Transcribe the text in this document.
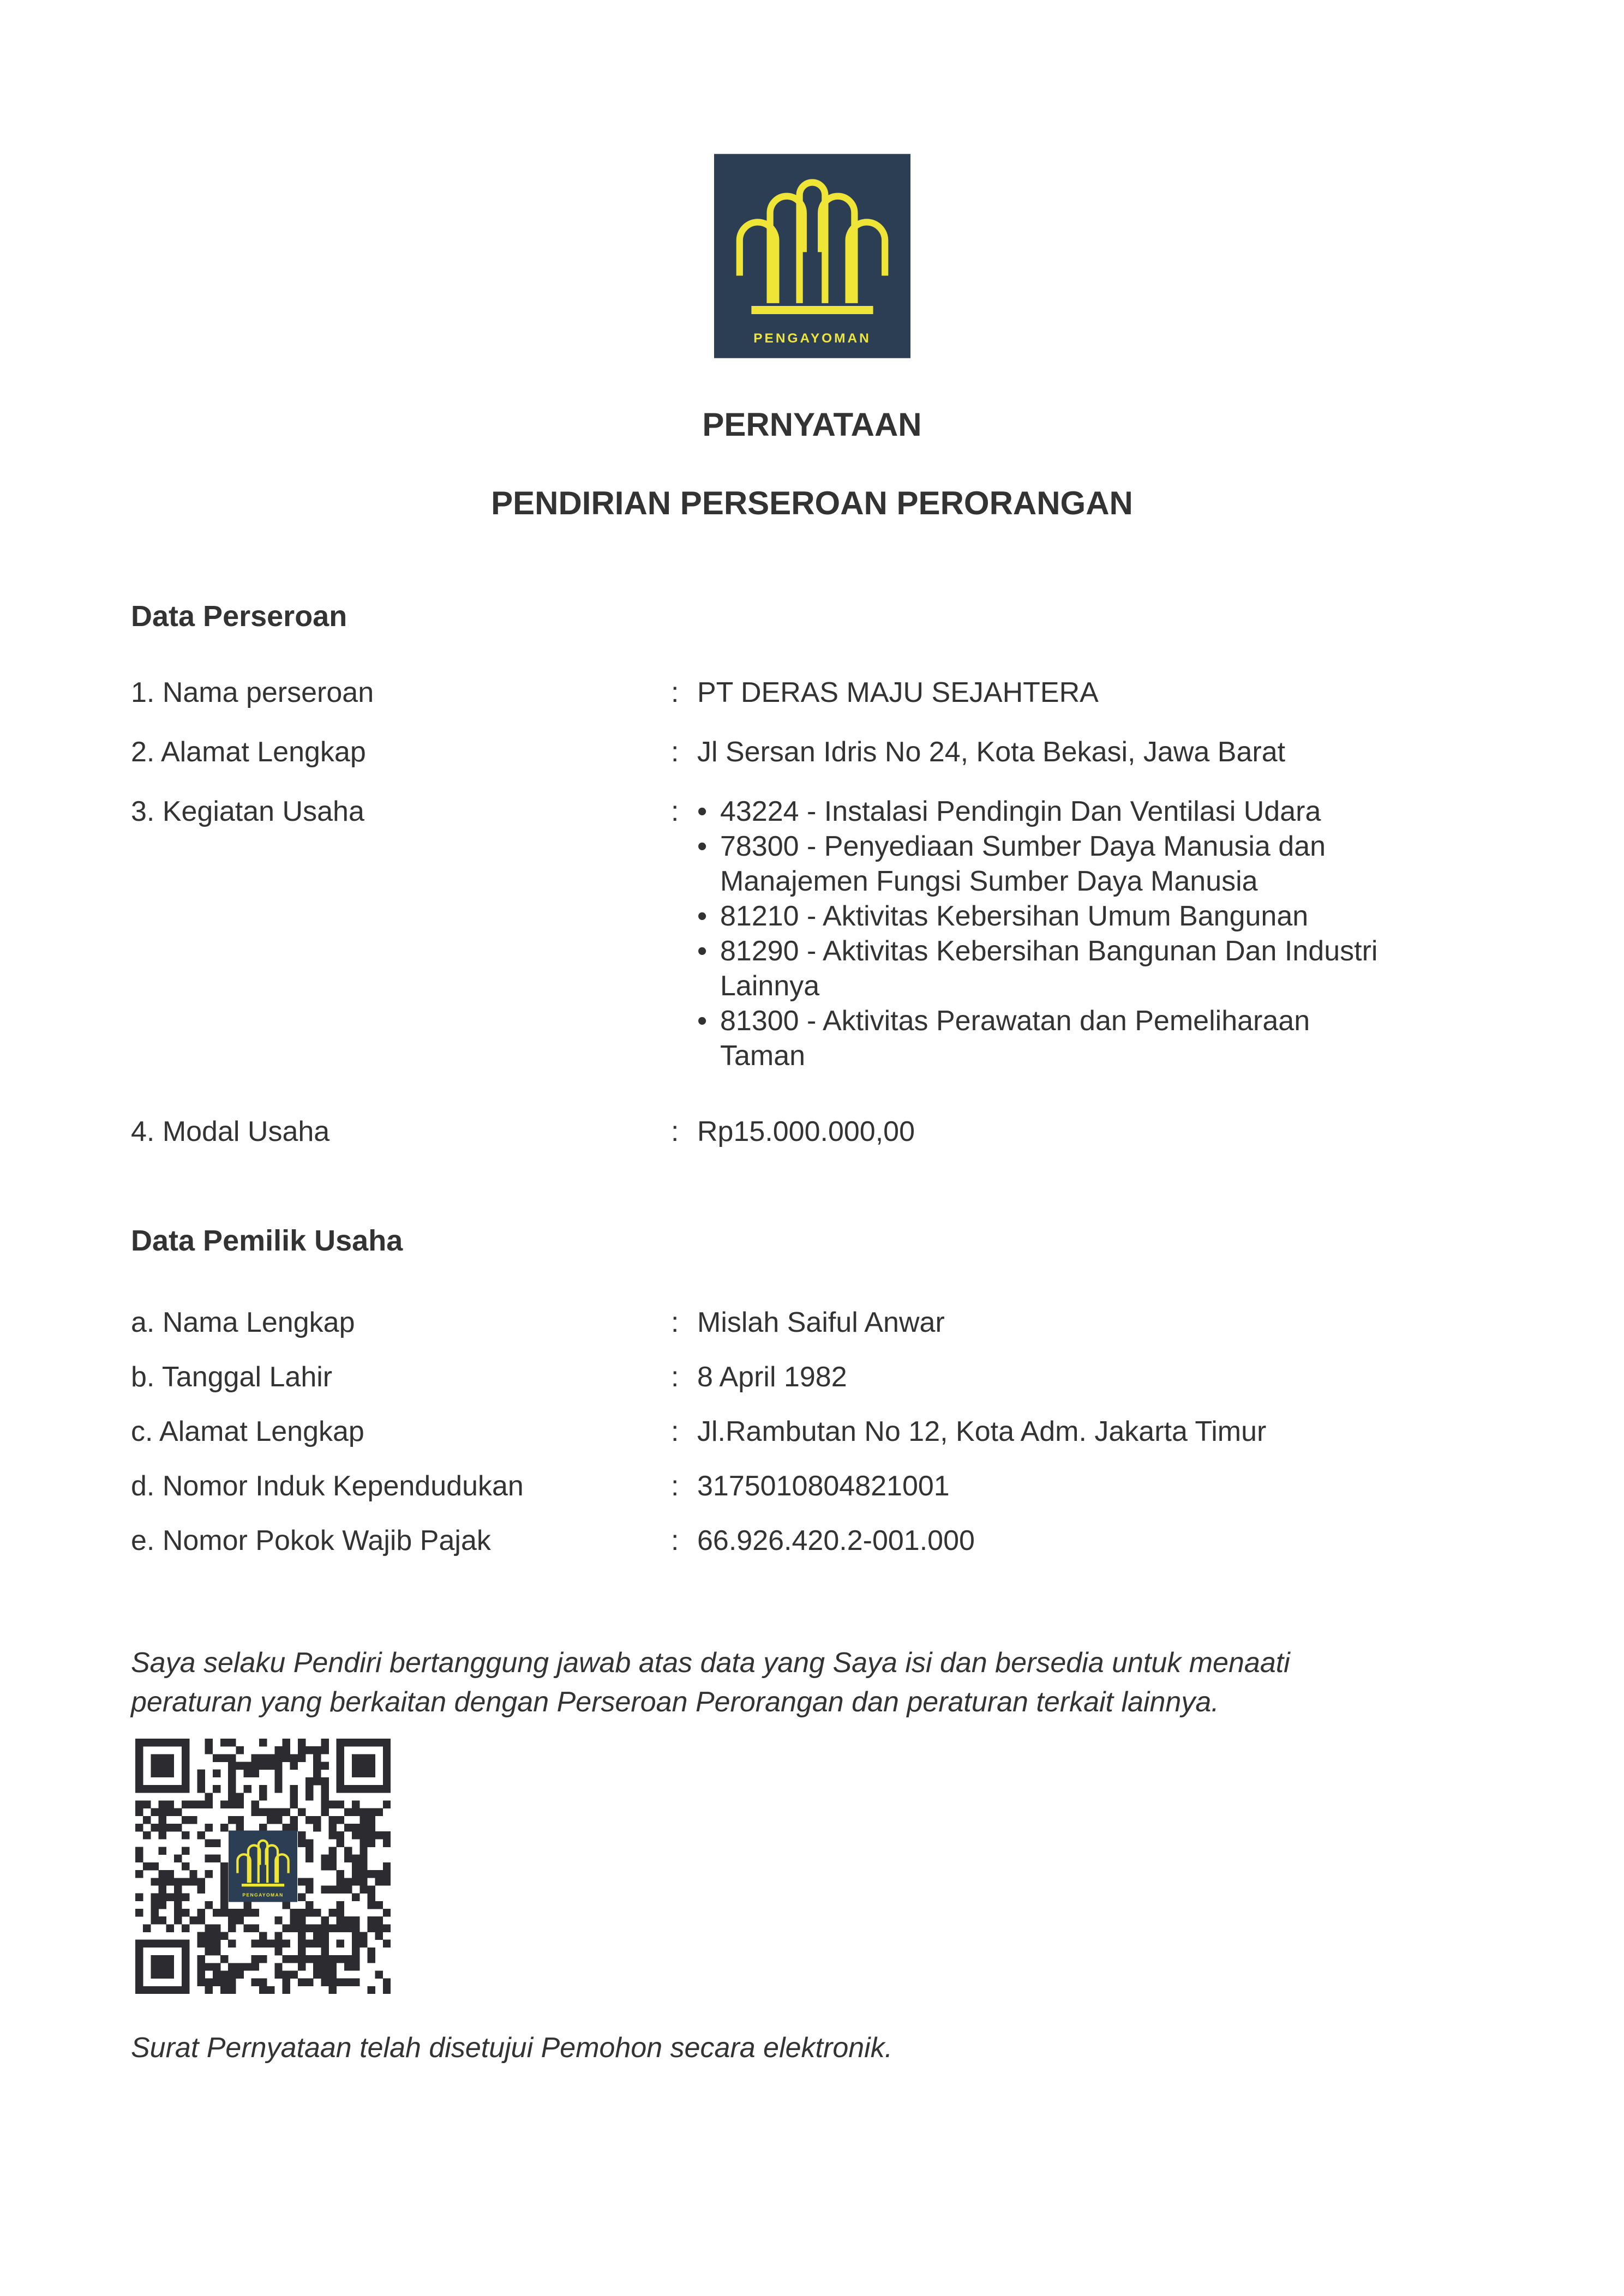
PENGAYOMAN
PERNYATAAN
PENDIRIAN PERSEROAN PERORANGAN
Data Perseroan
1. Nama perseroan	: PT DERAS MAJU SEJAHTERA
2. Alamat Lengkap	: Jl Sersan Idris No 24, Kota Bekasi, Jawa Barat
3. Kegiatan Usaha	: • 43224 - Instalasi Pendingin Dan Ventilasi Udara
• 78300 - Penyediaan Sumber Daya Manusia dan
Manajemen Fungsi Sumber Daya Manusia
• 81210 - Aktivitas Kebersihan Umum Bangunan
• 81290 - Aktivitas Kebersihan Bangunan Dan Industri
Lainnya
• 81300 - Aktivitas Perawatan dan Pemeliharaan
Taman
4. Modal Usaha	: Rp15.000.000,00
Data Pemilik Usaha
a. Nama Lengkap	: Mislah Saiful Anwar
b. Tanggal Lahir	: 8 April 1982
c. Alamat Lengkap	: Jl.Rambutan No 12, Kota Adm. Jakarta Timur
d. Nomor Induk Kependudukan	: 3175010804821001
e. Nomor Pokok Wajib Pajak	: 66.926.420.2-001.000
Saya selaku Pendiri bertanggung jawab atas data yang Saya isi dan bersedia untuk menaati
peraturan yang berkaitan dengan Perseroan Perorangan dan peraturan terkait lainnya.
PENGAYOMAN
Surat Pernyataan telah disetujui Pemohon secara elektronik.
